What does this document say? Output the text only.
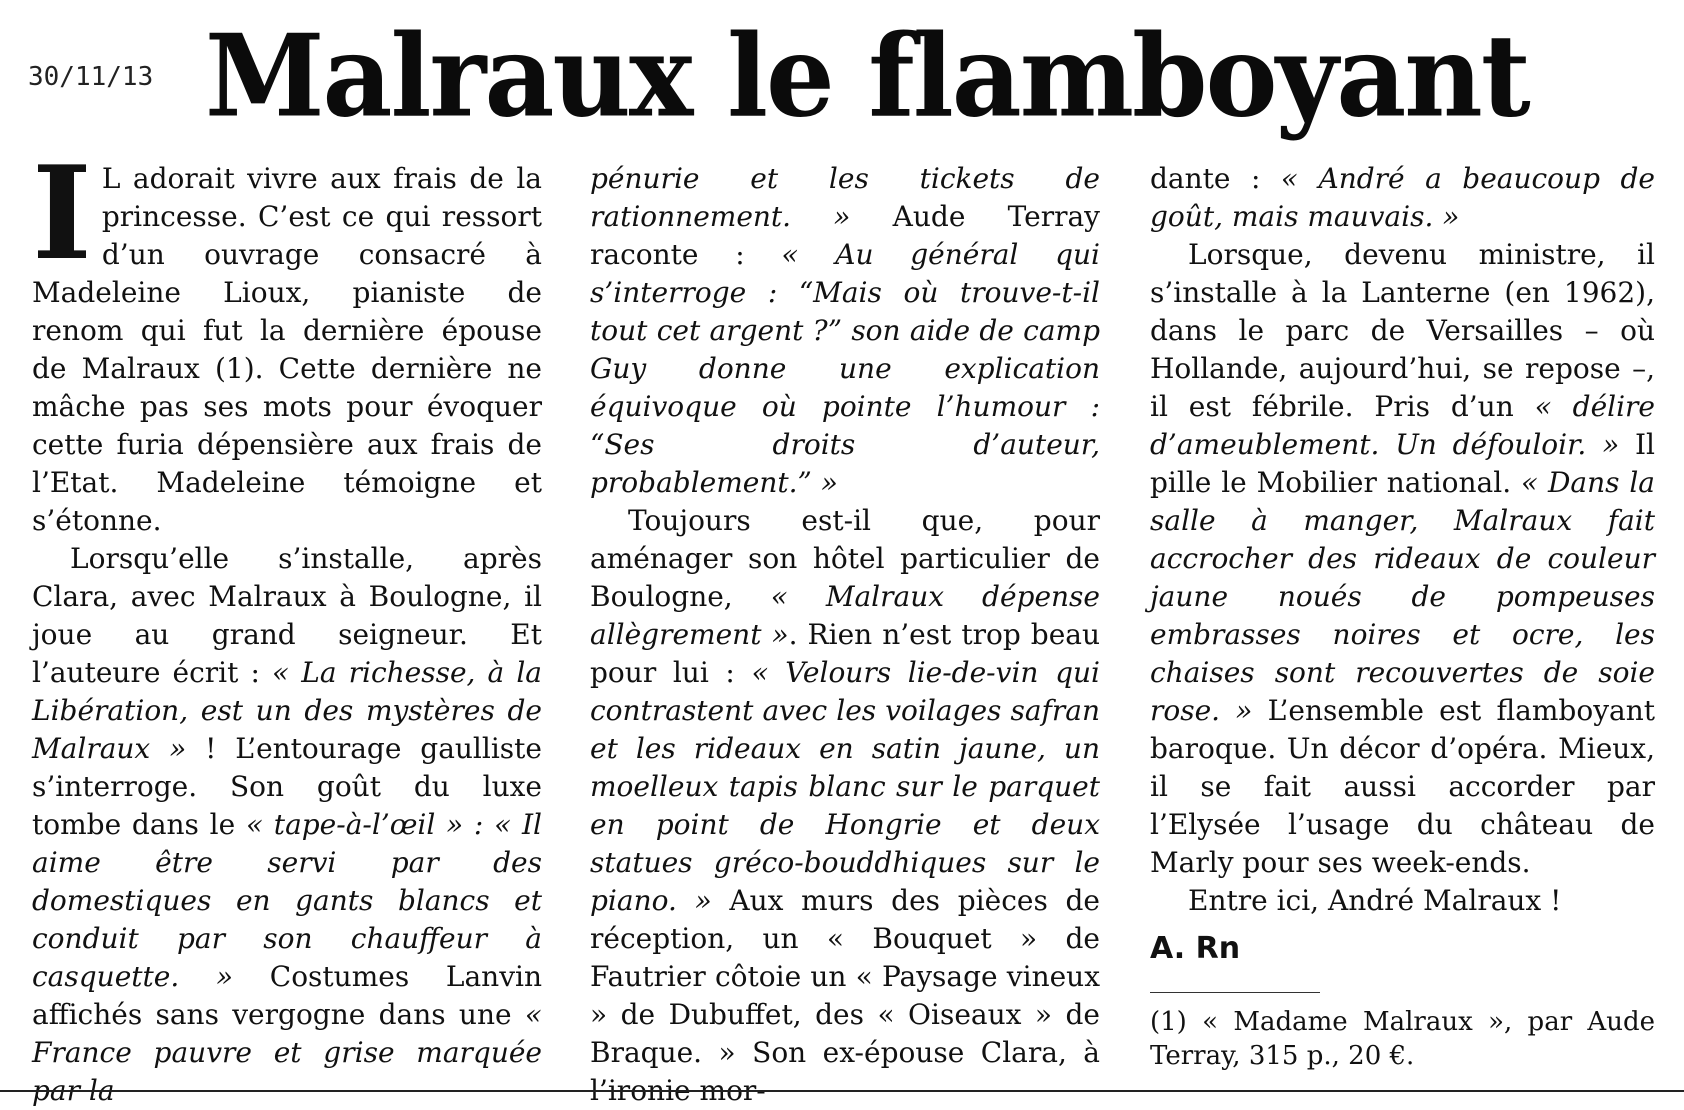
30/11/13 Malraux le flamboyant

I L adorait vivre aux frais de la princesse. C’est ce qui ressort d’un ouvrage consacré à Madeleine Lioux, pianiste de renom qui fut la dernière épouse de Malraux (1). Cette dernière ne mâche pas ses mots pour évoquer cette furia dépensière aux frais de l’Etat. Madeleine témoigne et s’étonne.

Lorsqu’elle s’installe, après Clara, avec Malraux à Boulogne, il joue au grand seigneur. Et l’auteure écrit : « La richesse, à la Libération, est un des mystères de Malraux » ! L’entourage gaulliste s’interroge. Son goût du luxe tombe dans le « tape-à-l’œil » : « Il aime être servi par des domestiques en gants blancs et conduit par son chauffeur à casquette. » Costumes Lanvin affichés sans vergogne dans une « France pauvre et grise marquée par la

pénurie et les tickets de rationnement. » Aude Terray raconte : « Au général qui s’interroge : “Mais où trouve-t-il tout cet argent ?” son aide de camp Guy donne une explication équivoque où pointe l’humour : “Ses droits d’auteur, probablement.” »

Toujours est-il que, pour aménager son hôtel particulier de Boulogne, « Malraux dépense allègrement ». Rien n’est trop beau pour lui : « Velours lie-de-vin qui contrastent avec les voilages safran et les rideaux en satin jaune, un moelleux tapis blanc sur le parquet en point de Hongrie et deux statues gréco-bouddhiques sur le piano. » Aux murs des pièces de réception, un « Bouquet » de Fautrier côtoie un « Paysage vineux » de Dubuffet, des « Oiseaux » de Braque. » Son ex-épouse Clara, à l’ironie mor-

dante : « André a beaucoup de goût, mais mauvais. »

Lorsque, devenu ministre, il s’installe à la Lanterne (en 1962), dans le parc de Versailles – où Hollande, aujourd’hui, se repose –, il est fébrile. Pris d’un « délire d’ameublement. Un défouloir. » Il pille le Mobilier national. « Dans la salle à manger, Malraux fait accrocher des rideaux de couleur jaune noués de pompeuses embrasses noires et ocre, les chaises sont recouvertes de soie rose. » L’ensemble est flamboyant baroque. Un décor d’opéra. Mieux, il se fait aussi accorder par l’Elysée l’usage du château de Marly pour ses week-ends.

Entre ici, André Malraux !

A. Rn

(1) « Madame Malraux », par Aude Terray, 315 p., 20 €.
